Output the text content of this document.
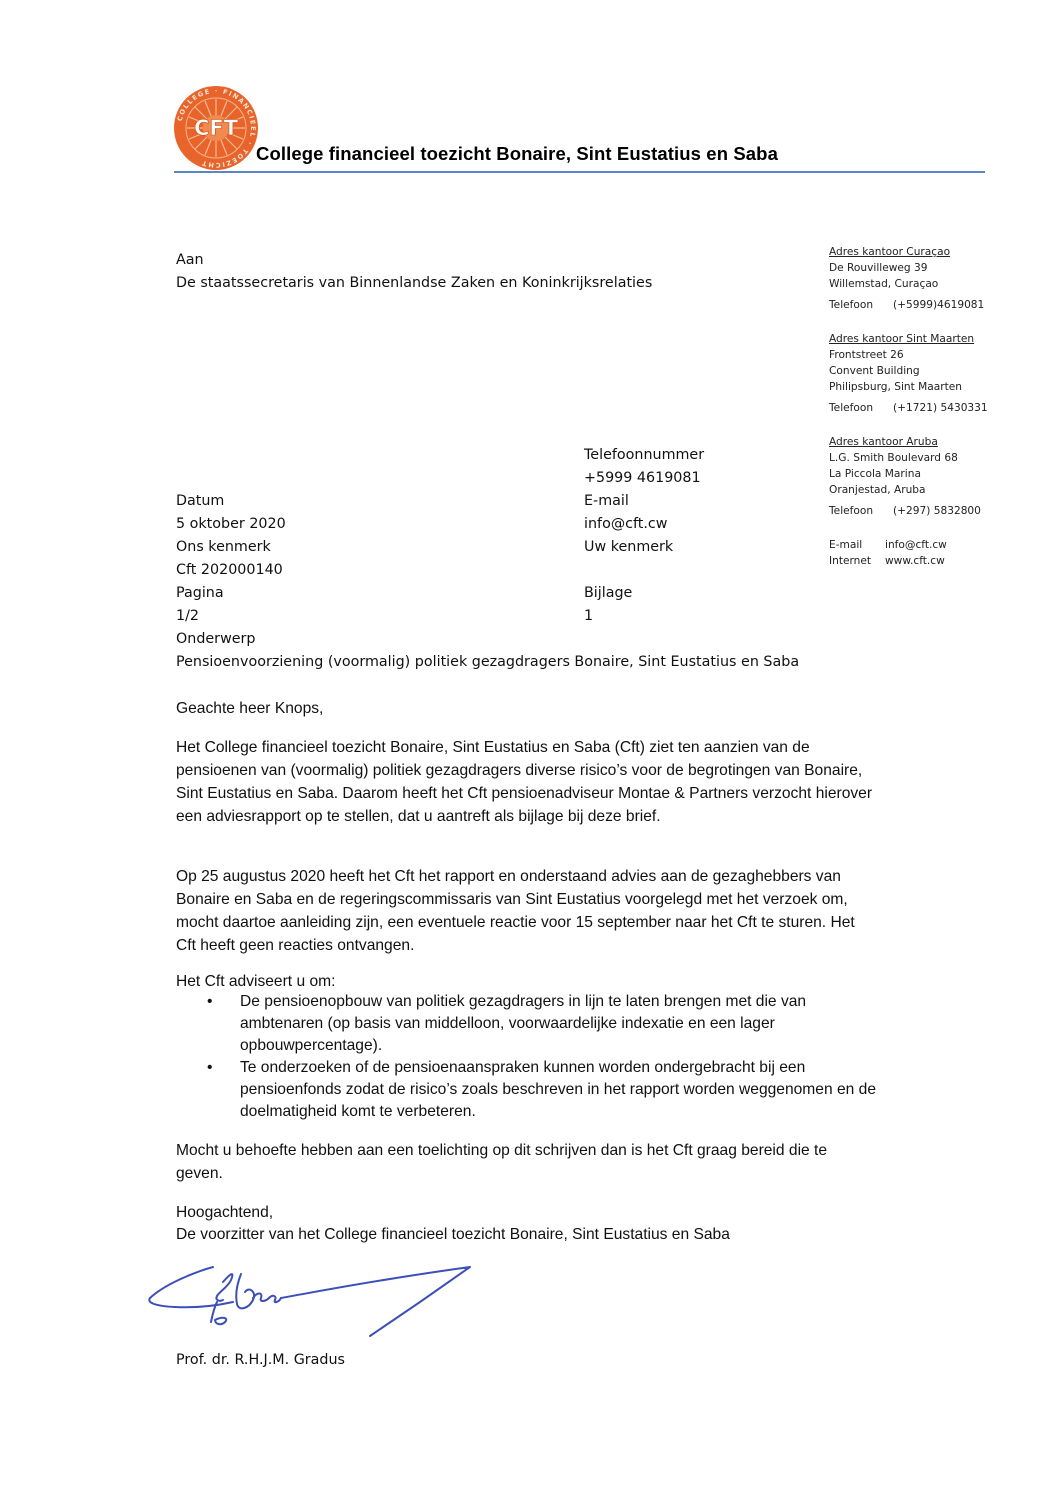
COLLEGE · FINANCIEEL · TOEZICHT
CFT
College financieel toezicht Bonaire, Sint Eustatius en Saba
Aan
De staatssecretaris van Binnenlandse Zaken en Koninkrijksrelaties
Adres kantoor Curaçao
De Rouvilleweg 39
Willemstad, Curaçao
Telefoon	(+5999)4619081
Adres kantoor Sint Maarten
Frontstreet 26
Convent Building
Philipsburg, Sint Maarten
Telefoon	(+1721) 5430331
Adres kantoor Aruba
L.G. Smith Boulevard 68
La Piccola Marina
Oranjestad, Aruba
Telefoon	(+297) 5832800
E-mail	info@cft.cw
Internet	www.cft.cw
Telefoonnummer
+5999 4619081
E-mail
info@cft.cw
Uw kenmerk
Bijlage
1
Datum
5 oktober 2020
Ons kenmerk
Cft 202000140
Pagina
1/2
Onderwerp
Pensioenvoorziening (voormalig) politiek gezagdragers Bonaire, Sint Eustatius en Saba
Geachte heer Knops,

Het College financieel toezicht Bonaire, Sint Eustatius en Saba (Cft) ziet ten aanzien van de pensioenen van (voormalig) politiek gezagdragers diverse risico’s voor de begrotingen van Bonaire, Sint Eustatius en Saba. Daarom heeft het Cft pensioenadviseur Montae & Partners verzocht hierover een adviesrapport op te stellen, dat u aantreft als bijlage bij deze brief.

Op 25 augustus 2020 heeft het Cft het rapport en onderstaand advies aan de gezaghebbers van Bonaire en Saba en de regeringscommissaris van Sint Eustatius voorgelegd met het verzoek om, mocht daartoe aanleiding zijn, een eventuele reactie voor 15 september naar het Cft te sturen. Het Cft heeft geen reacties ontvangen.

Het Cft adviseert u om:
• De pensioenopbouw van politiek gezagdragers in lijn te laten brengen met die van ambtenaren (op basis van middelloon, voorwaardelijke indexatie en een lager opbouwpercentage).
• Te onderzoeken of de pensioenaanspraken kunnen worden ondergebracht bij een pensioenfonds zodat de risico’s zoals beschreven in het rapport worden weggenomen en de doelmatigheid komt te verbeteren.

Mocht u behoefte hebben aan een toelichting op dit schrijven dan is het Cft graag bereid die te geven.

Hoogachtend,
De voorzitter van het College financieel toezicht Bonaire, Sint Eustatius en Saba
Prof. dr. R.H.J.M. Gradus
